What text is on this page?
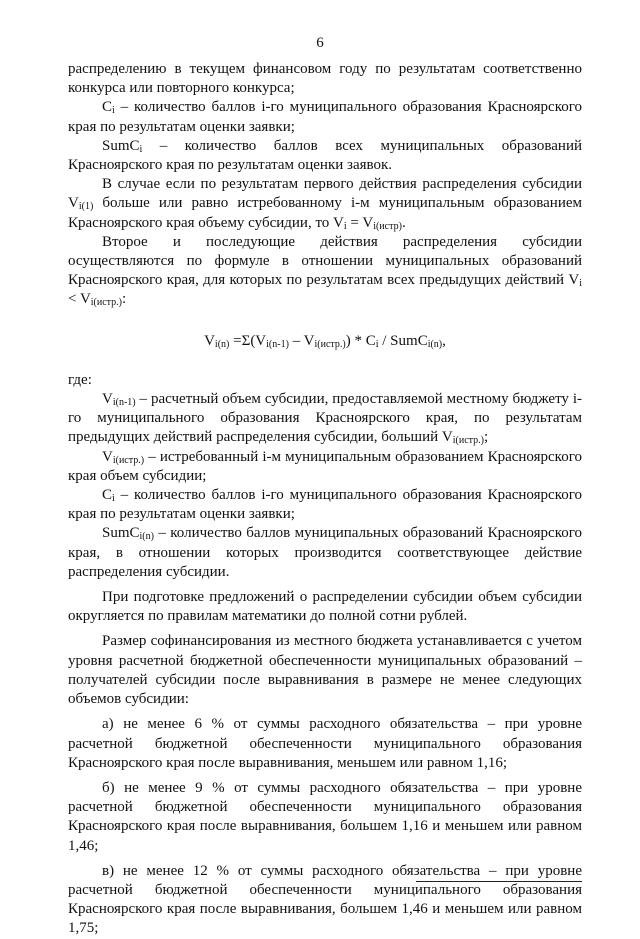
6

распределению в текущем финансовом году по результатам соответственно конкурса или повторного конкурса;

$C_i$ – количество баллов i-го муниципального образования Красноярского края по результатам оценки заявки;

SumC$_i$ – количество баллов всех муниципальных образований Красноярского края по результатам оценки заявок.

В случае если по результатам первого действия распределения субсидии $V_{i(1)}$ больше или равно истребованному i-м муниципальным образованием Красноярского края объему субсидии, то $V_i = V_{i(истр)}$.

Второе и последующие действия распределения субсидии осуществляются по формуле в отношении муниципальных образований Красноярского края, для которых по результатам всех предыдущих действий $V_i < V_{i(истр.)}$:

$V_{i(n)} =\Sigma(V_{i(n-1)} - V_{i(истр.)}) * C_i$ / SumC$_{i(n)}$,

где:

$V_{i(n-1)}$ – расчетный объем субсидии, предоставляемой местному бюджету i-го муниципального образования Красноярского края, по результатам предыдущих действий распределения субсидии, больший $V_{i(истр.)}$;

$V_{i(истр.)}$ – истребованный i-м муниципальным образованием Красноярского края объем субсидии;

$C_i$ – количество баллов i-го муниципального образования Красноярского края по результатам оценки заявки;

SumC$_{i(n)}$ – количество баллов муниципальных образований Красноярского края, в отношении которых производится соответствующее действие распределения субсидии.

При подготовке предложений о распределении субсидии объем субсидии округляется по правилам математики до полной сотни рублей.

Размер софинансирования из местного бюджета устанавливается с учетом уровня расчетной бюджетной обеспеченности муниципальных образований – получателей субсидии после выравнивания в размере не менее следующих объемов субсидии:

а) не менее 6 % от суммы расходного обязательства – при уровне расчетной бюджетной обеспеченности муниципального образования Красноярского края после выравнивания, меньшем или равном 1,16;

б) не менее 9 % от суммы расходного обязательства – при уровне расчетной бюджетной обеспеченности муниципального образования Красноярского края после выравнивания, большем 1,16 и меньшем или равном 1,46;

в) не менее 12 % от суммы расходного обязательства – при уровне расчетной бюджетной обеспеченности муниципального образования Красноярского края после выравнивания, большем 1,46 и меньшем или равном 1,75;
